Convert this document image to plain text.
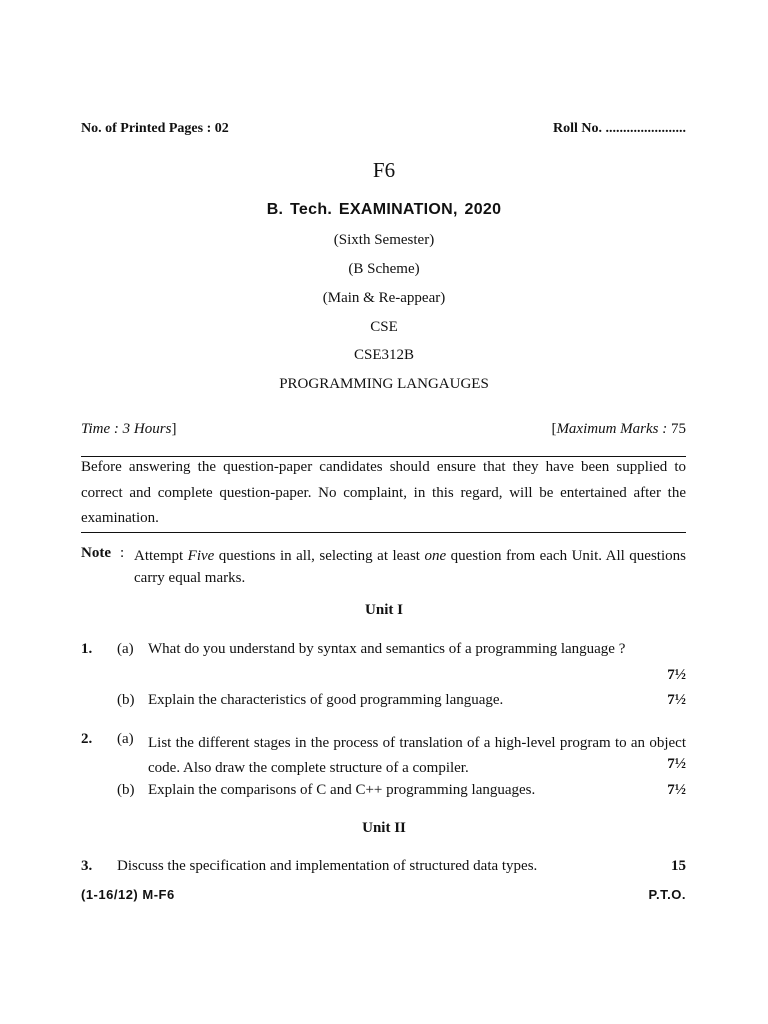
No. of Printed Pages : 02	Roll No. .......................
F6
B. Tech. EXAMINATION, 2020
(Sixth Semester)
(B Scheme)
(Main & Re-appear)
CSE
CSE312B
PROGRAMMING LANGAUGES
Time : 3 Hours]	[Maximum Marks : 75
Before answering the question-paper candidates should ensure that they have been supplied to correct and complete question-paper. No complaint, in this regard, will be entertained after the examination.
Note : Attempt Five questions in all, selecting at least one question from each Unit. All questions carry equal marks.
Unit I
1. (a) What do you understand by syntax and semantics of a programming language ?
7½
(b) Explain the characteristics of good programming language.	7½
2. (a) List the different stages in the process of translation of a high-level program to an object code. Also draw the complete structure of a compiler.	7½
(b) Explain the comparisons of C and C++ programming languages.	7½
Unit II
3. Discuss the specification and implementation of structured data types.	15
(1-16/12) M-F6	P.T.O.
